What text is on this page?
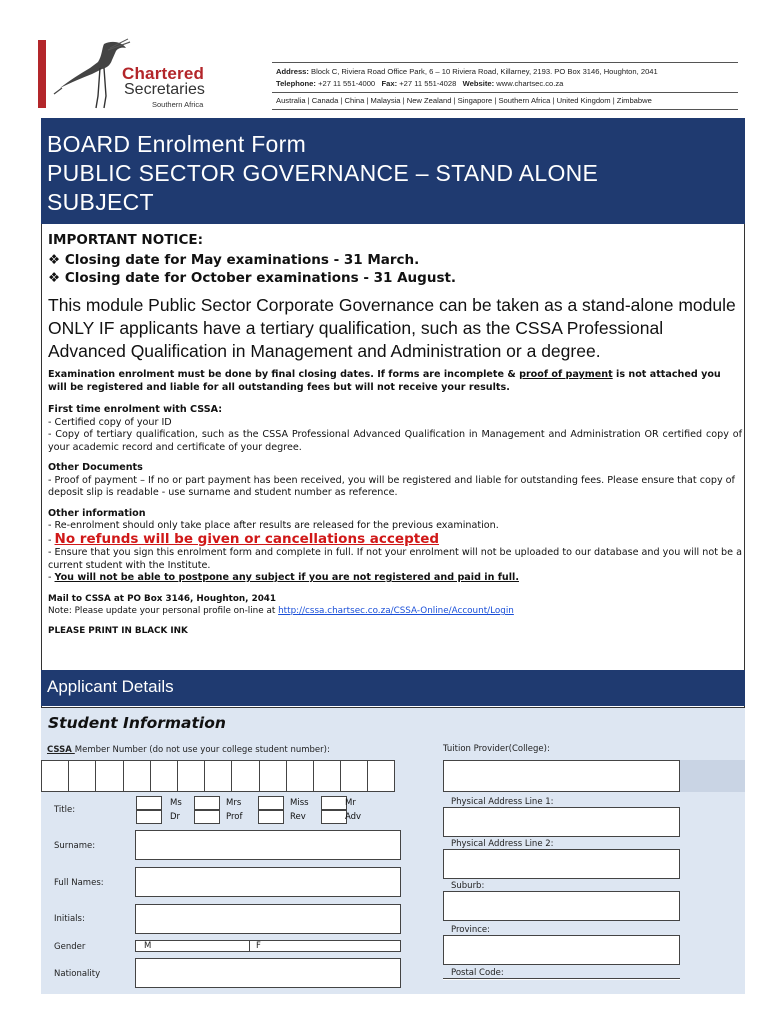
Chartered
Secretaries
Southern Africa
Address: Block C, Riviera Road Office Park, 6 – 10 Riviera Road, Killarney, 2193. PO Box 3146, Houghton, 2041
Telephone: +27 11 551-4000 Fax: +27 11 551-4028 Website: www.chartsec.co.za
Australia | Canada | China | Malaysia | New Zealand | Singapore | Southern Africa | United Kingdom | Zimbabwe
BOARD Enrolment Form
PUBLIC SECTOR GOVERNANCE – STAND ALONE
SUBJECT
IMPORTANT NOTICE:
❖ Closing date for May examinations - 31 March.
❖ Closing date for October examinations - 31 August.
This module Public Sector Corporate Governance can be taken as a stand-alone module ONLY IF applicants have a tertiary qualification, such as the CSSA Professional Advanced Qualification in Management and Administration or a degree.
Examination enrolment must be done by final closing dates. If forms are incomplete & proof of payment is not attached you will be registered and liable for all outstanding fees but will not receive your results.
First time enrolment with CSSA:
- Certified copy of your ID
- Copy of tertiary qualification, such as the CSSA Professional Advanced Qualification in Management and Administration OR certified copy of your academic record and certificate of your degree.
Other Documents
- Proof of payment – If no or part payment has been received, you will be registered and liable for outstanding fees. Please ensure that copy of deposit slip is readable - use surname and student number as reference.
Other information
- Re-enrolment should only take place after results are released for the previous examination.
- No refunds will be given or cancellations accepted
- Ensure that you sign this enrolment form and complete in full. If not your enrolment will not be uploaded to our database and you will not be a current student with the Institute.
- You will not be able to postpone any subject if you are not registered and paid in full.
Mail to CSSA at PO Box 3146, Houghton, 2041
Note: Please update your personal profile on-line at http://cssa.chartsec.co.za/CSSA-Online/Account/Login
PLEASE PRINT IN BLACK INK
Applicant Details
Student Information
CSSA Member Number (do not use your college student number):	Tuition Provider(College):
Title:
Ms	Mrs	Miss	Mr
Dr	Prof	Rev	Adv
Surname:
Full Names:
Initials:
Gender	M	F
Nationality
Physical Address Line 1:
Physical Address Line 2:
Suburb:
Province:
Postal Code:
